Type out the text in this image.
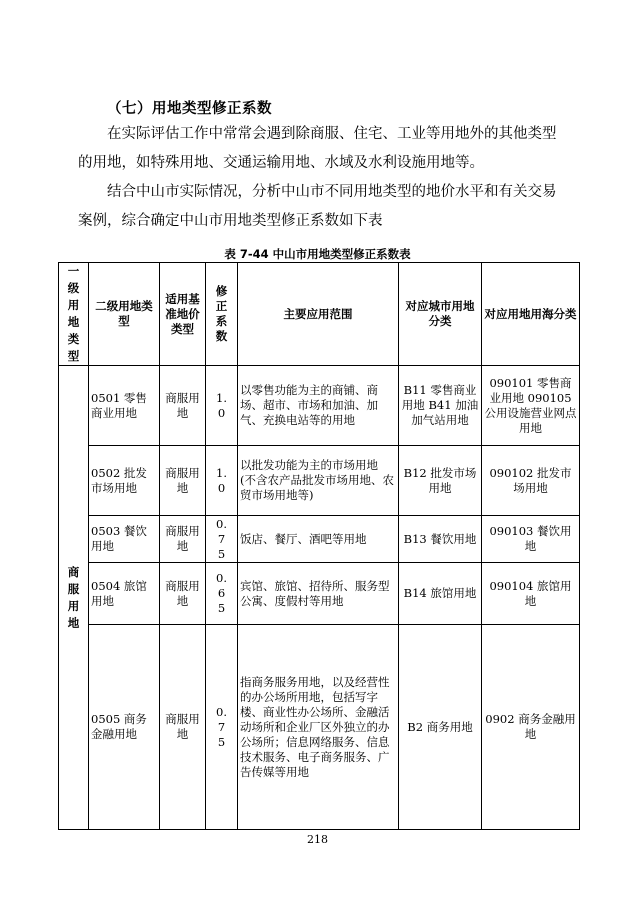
（七）用地类型修正系数
在实际评估工作中常常会遇到除商服、住宅、工业等用地外的其他类型的用地，如特殊用地、交通运输用地、水域及水利设施用地等。
结合中山市实际情况，分析中山市不同用地类型的地价水平和有关交易案例，综合确定中山市用地类型修正系数如下表
表 7-44 中山市用地类型修正系数表
一级用地类型	二级用地类型	适用基准地价类型	修正系数	主要应用范围	对应城市用地分类	对应用地用海分类

商服用地	0501 零售商业用地	商服用地	1.0	以零售功能为主的商铺、商场、超市、市场和加油、加气、充换电站等的用地	B11 零售商业用地 B41 加油加气站用地	090101 零售商业用地 090105 公用设施营业网点用地
	0502 批发市场用地	商服用地	1.0	以批发功能为主的市场用地 (不含农产品批发市场用地、农贸市场用地等)	B12 批发市场用地	090102 批发市场用地
	0503 餐饮用地	商服用地	0.75	饭店、餐厅、酒吧等用地	B13 餐饮用地	090103 餐饮用地
	0504 旅馆用地	商服用地	0.65	宾馆、旅馆、招待所、服务型公寓、度假村等用地	B14 旅馆用地	090104 旅馆用地
	0505 商务金融用地	商服用地	0.75	指商务服务用地，以及经营性的办公场所用地，包括写字楼、商业性办公场所、金融活动场所和企业厂区外独立的办公场所；信息网络服务、信息技术服务、电子商务服务、广告传媒等用地	B2 商务用地	0902 商务金融用地
218
